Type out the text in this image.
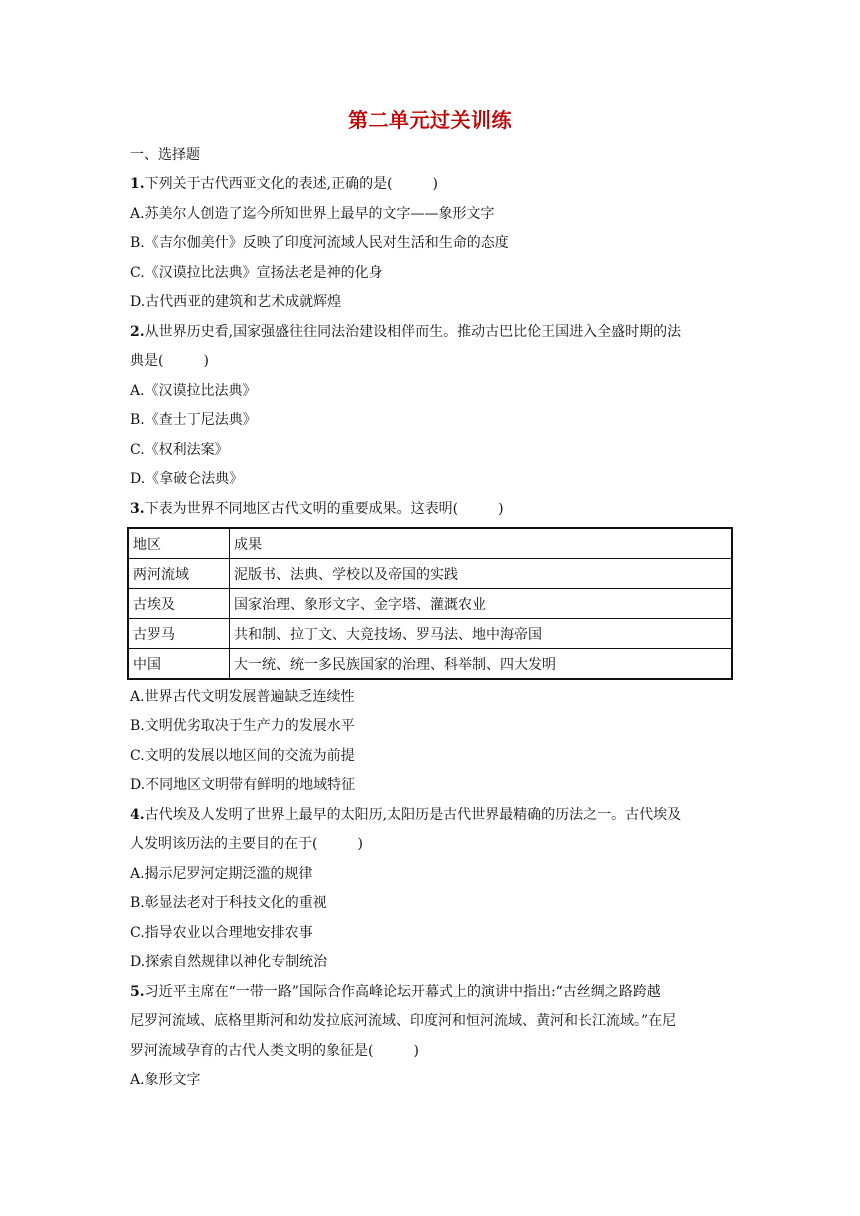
第二单元过关训练
一、选择题
1.下列关于古代西亚文化的表述,正确的是(	)
A.苏美尔人创造了迄今所知世界上最早的文字——象形文字
B.《吉尔伽美什》反映了印度河流域人民对生活和生命的态度
C.《汉谟拉比法典》宣扬法老是神的化身
D.古代西亚的建筑和艺术成就辉煌
2.从世界历史看,国家强盛往往同法治建设相伴而生。推动古巴比伦王国进入全盛时期的法
典是(	)
A.《汉谟拉比法典》
B.《查士丁尼法典》
C.《权利法案》
D.《拿破仑法典》
3.下表为世界不同地区古代文明的重要成果。这表明(	)
地区	成果
两河流域	泥版书、法典、学校以及帝国的实践
古埃及	国家治理、象形文字、金字塔、灌溉农业
古罗马	共和制、拉丁文、大竞技场、罗马法、地中海帝国
中国	大一统、统一多民族国家的治理、科举制、四大发明
A.世界古代文明发展普遍缺乏连续性
B.文明优劣取决于生产力的发展水平
C.文明的发展以地区间的交流为前提
D.不同地区文明带有鲜明的地域特征
4.古代埃及人发明了世界上最早的太阳历,太阳历是古代世界最精确的历法之一。古代埃及
人发明该历法的主要目的在于(	)
A.揭示尼罗河定期泛滥的规律
B.彰显法老对于科技文化的重视
C.指导农业以合理地安排农事
D.探索自然规律以神化专制统治
5.习近平主席在“一带一路”国际合作高峰论坛开幕式上的演讲中指出:“古丝绸之路跨越
尼罗河流域、底格里斯河和幼发拉底河流域、印度河和恒河流域、黄河和长江流域。”在尼
罗河流域孕育的古代人类文明的象征是(	)
A.象形文字
